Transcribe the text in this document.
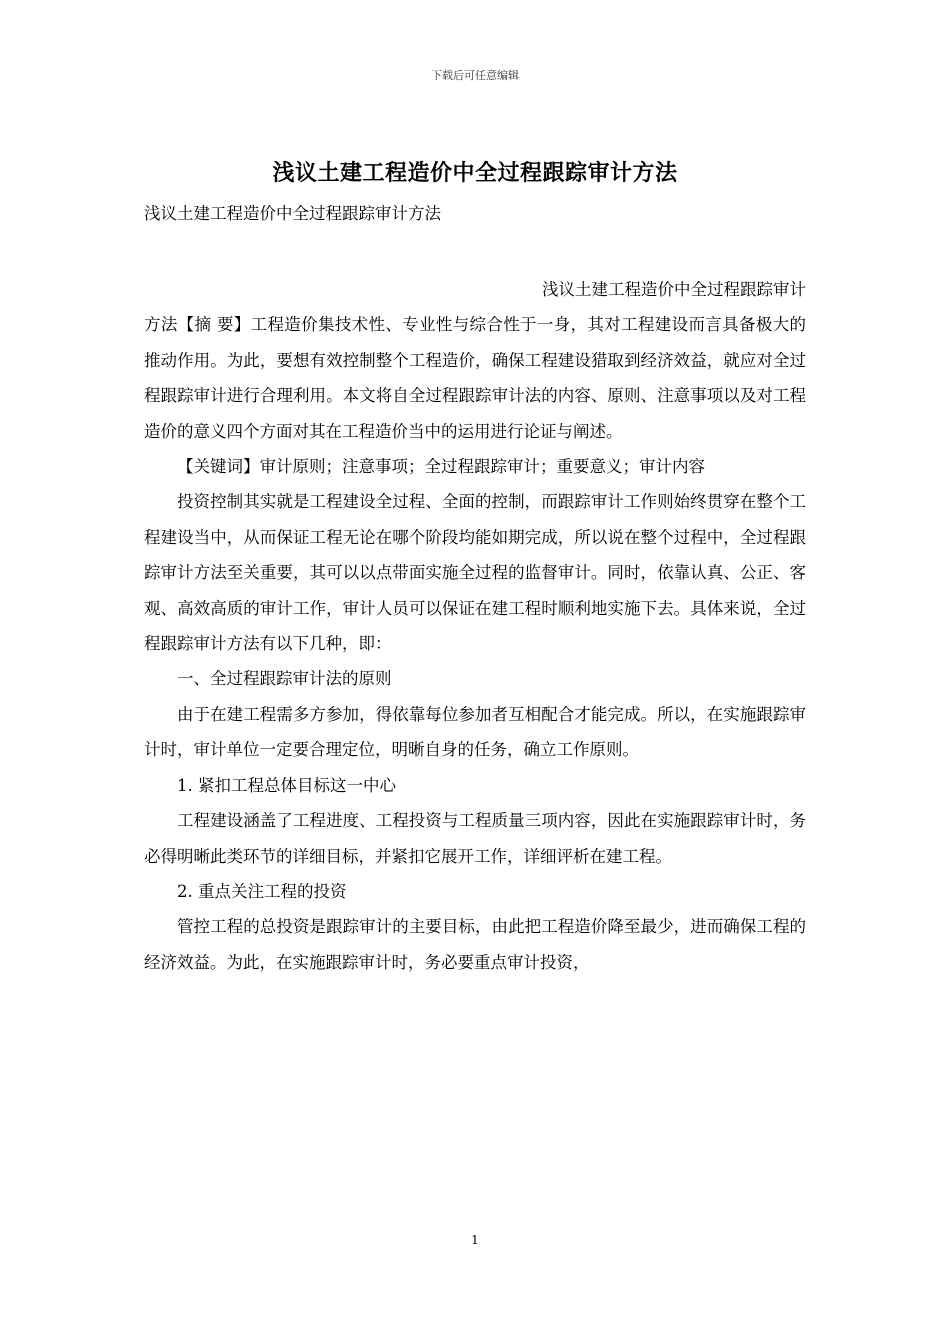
下载后可任意编辑
浅议土建工程造价中全过程跟踪审计方法
浅议土建工程造价中全过程跟踪审计方法

浅议土建工程造价中全过程跟踪审计
方法【摘 要】工程造价集技术性、专业性与综合性于一身，其对工程建设而言具备极大的推动作用。为此，要想有效控制整个工程造价，确保工程建设猎取到经济效益，就应对全过程跟踪审计进行合理利用。本文将自全过程跟踪审计法的内容、原则、注意事项以及对工程造价的意义四个方面对其在工程造价当中的运用进行论证与阐述。

【关键词】审计原则；注意事项；全过程跟踪审计；重要意义；审计内容

投资控制其实就是工程建设全过程、全面的控制，而跟踪审计工作则始终贯穿在整个工程建设当中，从而保证工程无论在哪个阶段均能如期完成，所以说在整个过程中，全过程跟踪审计方法至关重要，其可以以点带面实施全过程的监督审计。同时，依靠认真、公正、客观、高效高质的审计工作，审计人员可以保证在建工程时顺利地实施下去。具体来说，全过程跟踪审计方法有以下几种，即：

一、全过程跟踪审计法的原则

由于在建工程需多方参加，得依靠每位参加者互相配合才能完成。所以，在实施跟踪审计时，审计单位一定要合理定位，明晰自身的任务，确立工作原则。

1. 紧扣工程总体目标这一中心

工程建设涵盖了工程进度、工程投资与工程质量三项内容，因此在实施跟踪审计时，务必得明晰此类环节的详细目标，并紧扣它展开工作，详细评析在建工程。

2. 重点关注工程的投资

管控工程的总投资是跟踪审计的主要目标，由此把工程造价降至最少，进而确保工程的经济效益。为此，在实施跟踪审计时，务必要重点审计投资，

1
